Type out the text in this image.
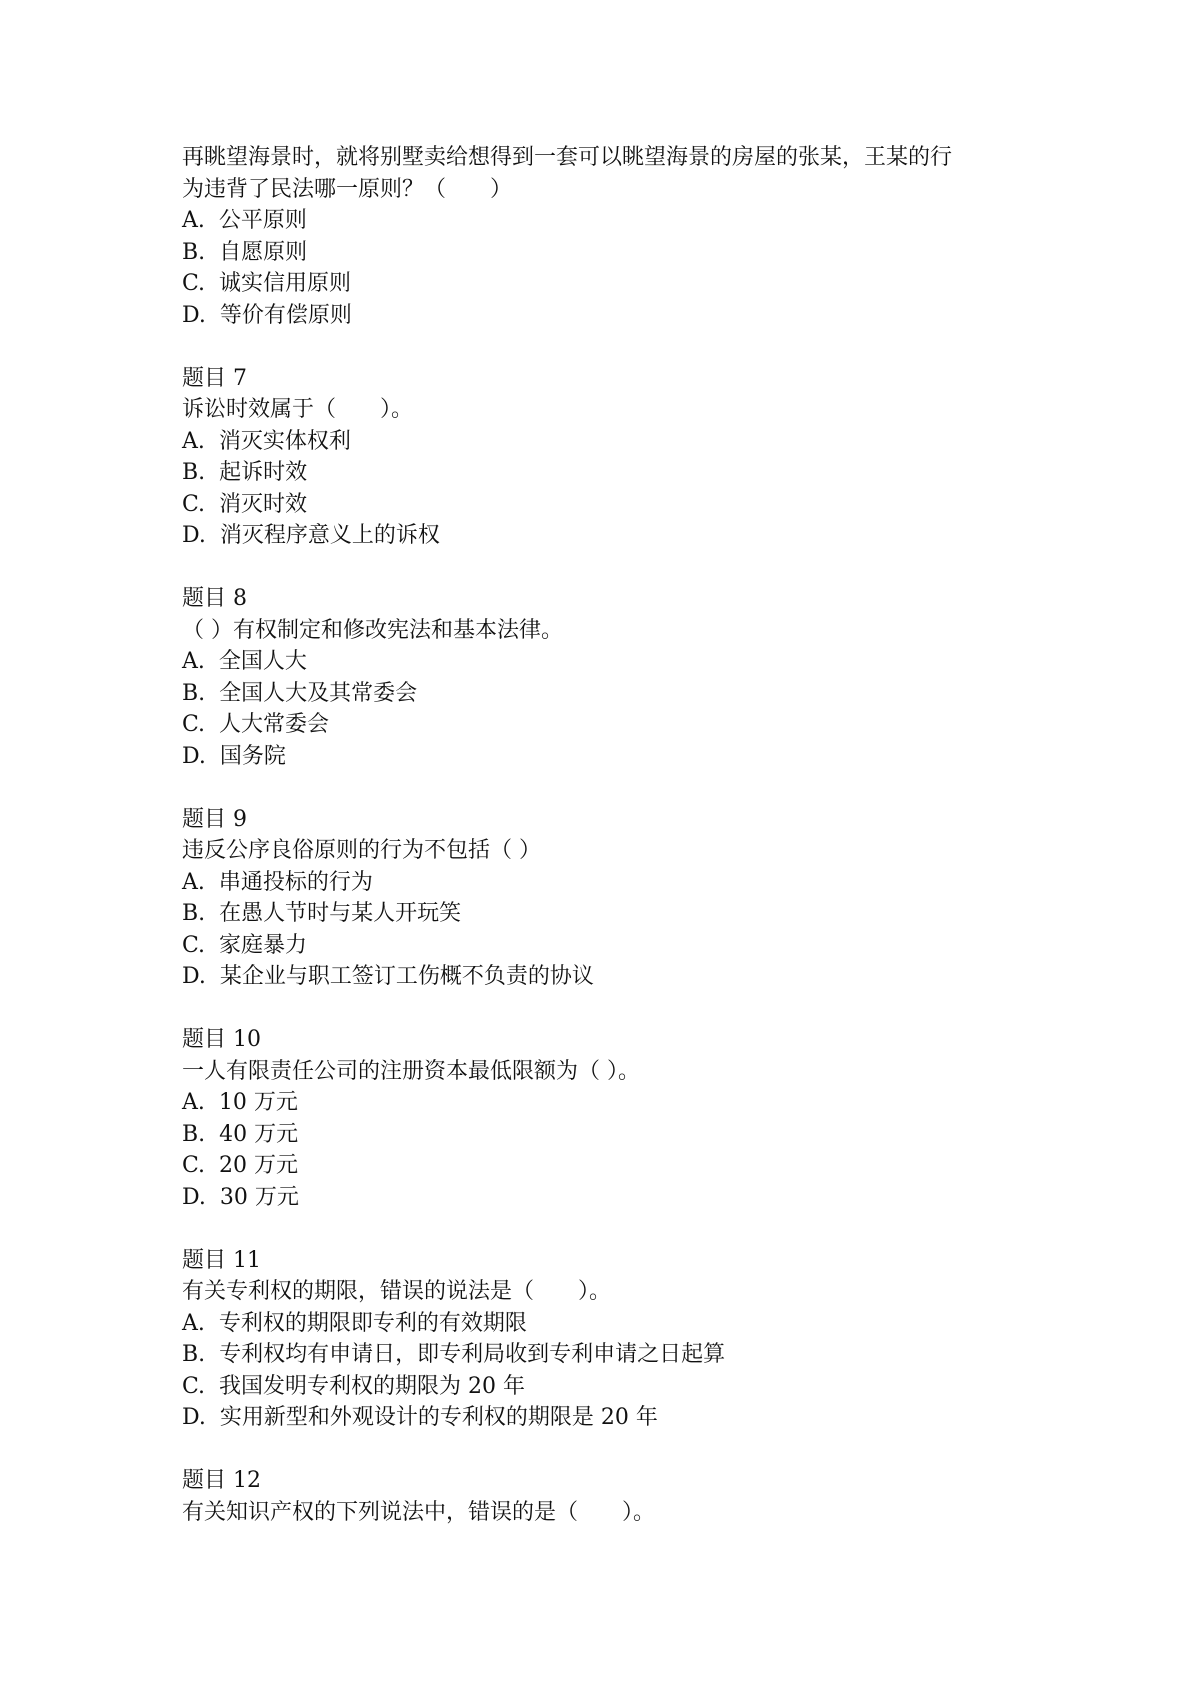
再眺望海景时，就将别墅卖给想得到一套可以眺望海景的房屋的张某，王某的行
为违背了民法哪一原则？（　　）
A.  公平原则
B.  自愿原则
C.  诚实信用原则
D.  等价有偿原则
题目 7
诉讼时效属于（　　）。
A.  消灭实体权利
B.  起诉时效
C.  消灭时效
D.  消灭程序意义上的诉权
题目 8
（ ）有权制定和修改宪法和基本法律。
A.  全国人大
B.  全国人大及其常委会
C.  人大常委会
D.  国务院
题目 9
违反公序良俗原则的行为不包括（ ）
A.  串通投标的行为
B.  在愚人节时与某人开玩笑
C.  家庭暴力
D.  某企业与职工签订工伤概不负责的协议
题目 10
一人有限责任公司的注册资本最低限额为（ ）。
A.  10 万元
B.  40 万元
C.  20 万元
D.  30 万元
题目 11
有关专利权的期限，错误的说法是（　　）。
A.  专利权的期限即专利的有效期限
B.  专利权均有申请日，即专利局收到专利申请之日起算
C.  我国发明专利权的期限为 20 年
D.  实用新型和外观设计的专利权的期限是 20 年
题目 12
有关知识产权的下列说法中，错误的是（　　）。
